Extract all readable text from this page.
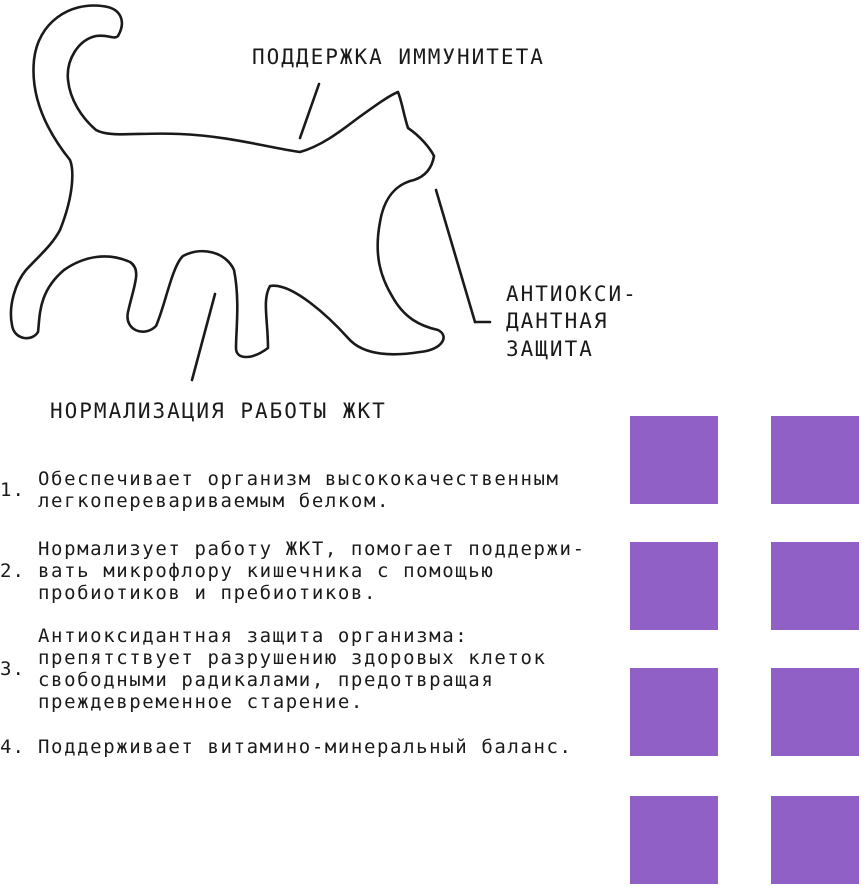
ПОДДЕРЖКА ИММУНИТЕТА
АНТИОКСИ-
ДАНТНАЯ
ЗАЩИТА
НОРМАЛИЗАЦИЯ РАБОТЫ ЖКТ
1. Обеспечивает организм высококачественным
легкоперевариваемым белком.
2.
Нормализует работу ЖКТ, помогает поддержи-
вать микрофлору кишечника с помощью
пробиотиков и пребиотиков.
3.
Антиоксидантная защита организма:
препятствует разрушению здоровых клеток
свободными радикалами, предотвращая
преждевременное старение.
4. Поддерживает витамино-минеральный баланс.
